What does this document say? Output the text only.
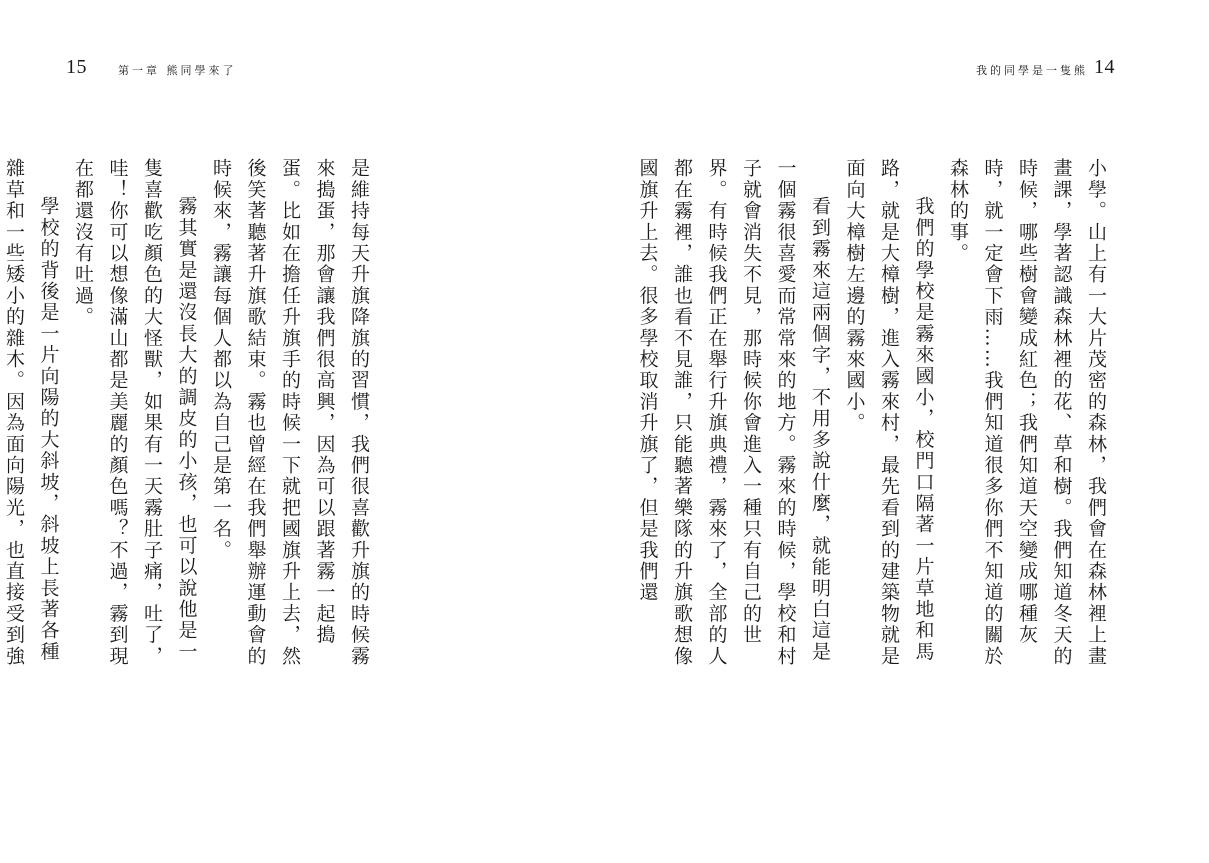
15	第一章 熊同學來了

是維持每天升旗降旗的習慣，我們很喜歡升旗的時候霧來搗蛋，那會讓我們很高興，因為可以跟著霧一起搗蛋。比如在擔任升旗手的時候一下就把國旗升上去，然後笑著聽著升旗歌結束。霧也曾經在我們舉辦運動會的時候來，霧讓每個人都以為自己是第一名。

霧其實是還沒長大的調皮的小孩，也可以說他是一隻喜歡吃顏色的大怪獸，如果有一天霧肚子痛，吐了，哇！你可以想像滿山都是美麗的顏色嗎？不過，霧到現在都還沒有吐過。

學校的背後是一片向陽的大斜坡，斜坡上長著各種雜草和一些矮小的雜木。因為面向陽光，也直接受到強

我的同學是一隻熊 14

小學。山上有一大片茂密的森林，我們會在森林裡上畫畫課，學著認識森林裡的花、草和樹。我們知道冬天的時候，哪些樹會變成紅色；我們知道天空變成哪種灰時，就一定會下雨……我們知道很多你們不知道的關於森林的事。

我們的學校是霧來國小，校門口隔著一片草地和馬路，就是大樟樹，進入霧來村，最先看到的建築物就是面向大樟樹左邊的霧來國小。

看到霧來這兩個字，不用多說什麼，就能明白這是一個霧很喜愛而常常來的地方。霧來的時候，學校和村子就會消失不見，那時候你會進入一種只有自己的世界。有時候我們正在舉行升旗典禮，霧來了，全部的人都在霧裡，誰也看不見誰，只能聽著樂隊的升旗歌想像國旗升上去。很多學校取消升旗了，但是我們還
